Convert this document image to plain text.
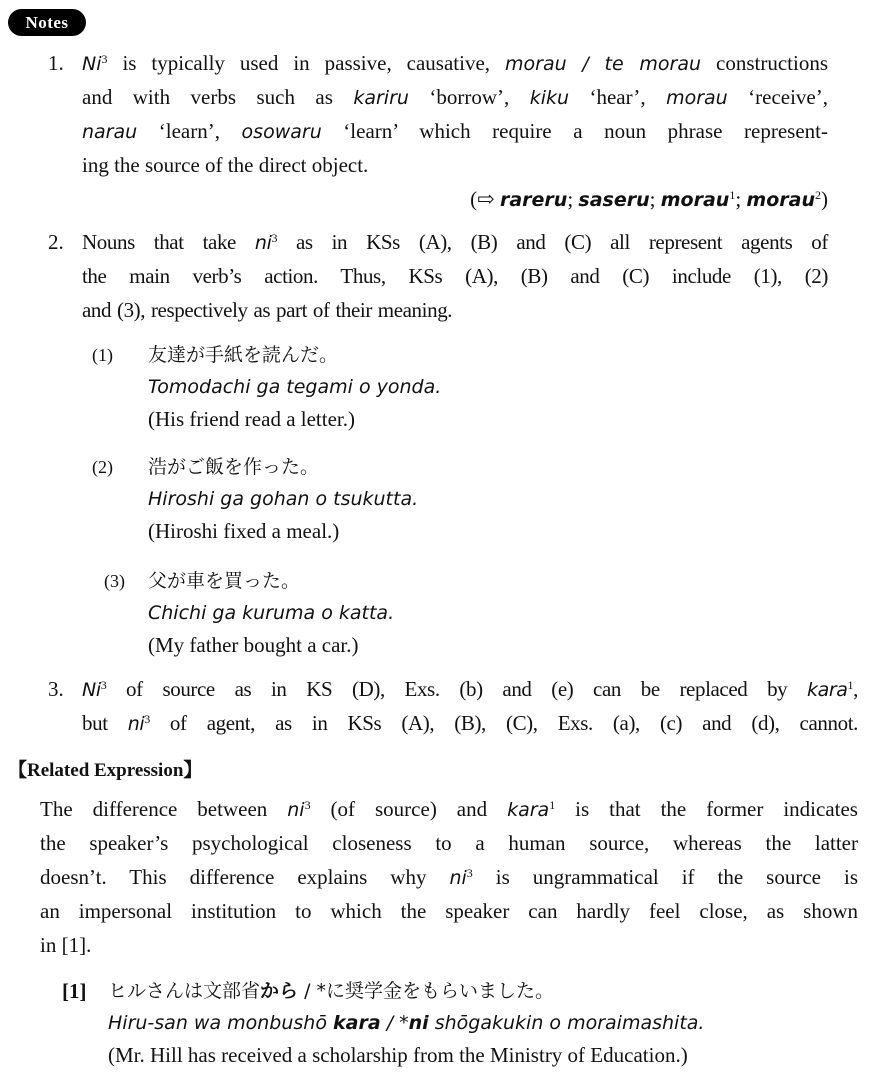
Notes
1. Ni$^3$ is typically used in passive, causative, morau / te morau constructions
and with verbs such as kariru ‘borrow’, kiku ‘hear’, morau ‘receive’,
narau ‘learn’, osowaru ‘learn’ which require a noun phrase represent-
ing the source of the direct object.
(⇨ rareru; saseru; morau$^1$; morau$^2$)
2. Nouns that take $ni^3$ as in KSs (A), (B) and (C) all represent agents of
the main verb’s action. Thus, KSs (A), (B) and (C) include (1), (2)
and (3), respectively as part of their meaning.
(1) 友達が手紙を読んだ。
Tomodachi ga tegami o yonda.
(His friend read a letter.)
(2) 浩がご飯を作った。
Hiroshi ga gohan o tsukutta.
(Hiroshi fixed a meal.)
(3) 父が車を買った。
Chichi ga kuruma o katta.
(My father bought a car.)
3. Ni$^3$ of source as in KS (D), Exs. (b) and (e) can be replaced by kara$^1$,
but $ni^3$ of agent, as in KSs (A), (B), (C), Exs. (a), (c) and (d), cannot.
【Related Expression】
The difference between $ni^3$ (of source) and kara$^1$ is that the former indicates
the speaker’s psychological closeness to a human source, whereas the latter
doesn’t. This difference explains why $ni^3$ is ungrammatical if the source is
an impersonal institution to which the speaker can hardly feel close, as shown
in [1].
[1] ヒルさんは文部省から / *に奨学金をもらいました。
Hiru-san wa monbushō kara / *ni shōgakukin o moraimashita.
(Mr. Hill has received a scholarship from the Ministry of Education.)
